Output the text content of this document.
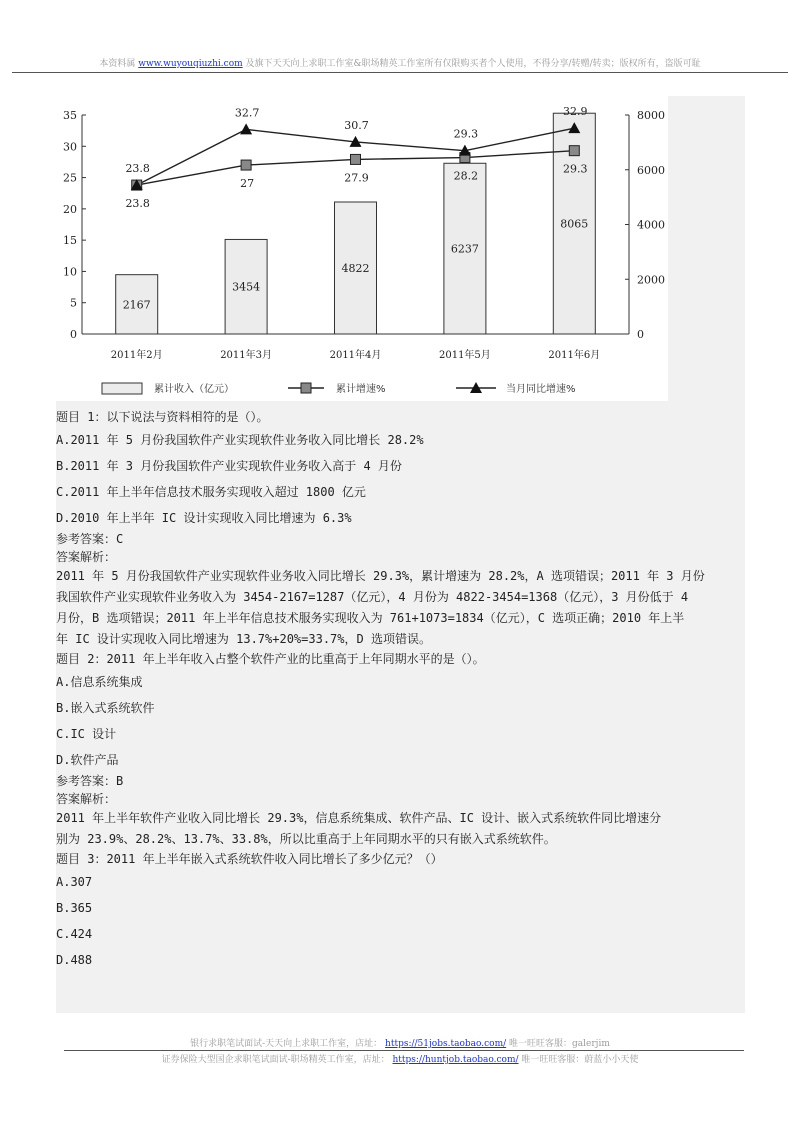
本资料属 www.wuyouqiuzhi.com 及旗下天天向上求职工作室&职场精英工作室所有仅限购买者个人使用，不得分享/转赠/转卖；版权所有，盗版可耻
0
5
10
15
20
25
30
35
0
2000
4000
6000
8000
2167
3454
4822
6237
8065
2011年2月	2011年3月	2011年4月	2011年5月	2011年6月
23.8
32.7
30.7
29.3
32.9
23.8
27	27.9	28.2
29.3
累计收入（亿元）	累计增速%	当月同比增速%
题目 1：以下说法与资料相符的是（）。
A.2011 年 5 月份我国软件产业实现软件业务收入同比增长 28.2%
B.2011 年 3 月份我国软件产业实现软件业务收入高于 4 月份
C.2011 年上半年信息技术服务实现收入超过 1800 亿元
D.2010 年上半年 IC 设计实现收入同比增速为 6.3%
参考答案：C
答案解析：
2011 年 5 月份我国软件产业实现软件业务收入同比增长 29.3%，累计增速为 28.2%，A 选项错误；2011 年 3 月份
我国软件产业实现软件业务收入为 3454-2167=1287（亿元），4 月份为 4822-3454=1368（亿元），3 月份低于 4
月份，B 选项错误；2011 年上半年信息技术服务实现收入为 761+1073=1834（亿元），C 选项正确；2010 年上半
年 IC 设计实现收入同比增速为 13.7%+20%=33.7%，D 选项错误。
题目 2：2011 年上半年收入占整个软件产业的比重高于上年同期水平的是（）。
A.信息系统集成
B.嵌入式系统软件
C.IC 设计
D.软件产品
参考答案：B
答案解析：
2011 年上半年软件产业收入同比增长 29.3%，信息系统集成、软件产品、IC 设计、嵌入式系统软件同比增速分
别为 23.9%、28.2%、13.7%、33.8%，所以比重高于上年同期水平的只有嵌入式系统软件。
题目 3：2011 年上半年嵌入式系统软件收入同比增长了多少亿元？（）
A.307
B.365
C.424
D.488
银行求职笔试面试-天天向上求职工作室，店址： https://51jobs.taobao.com/ 唯一旺旺客服：galerjim
证券保险大型国企求职笔试面试-职场精英工作室，店址： https://huntjob.taobao.com/ 唯一旺旺客服：蔚蓝小小天使
